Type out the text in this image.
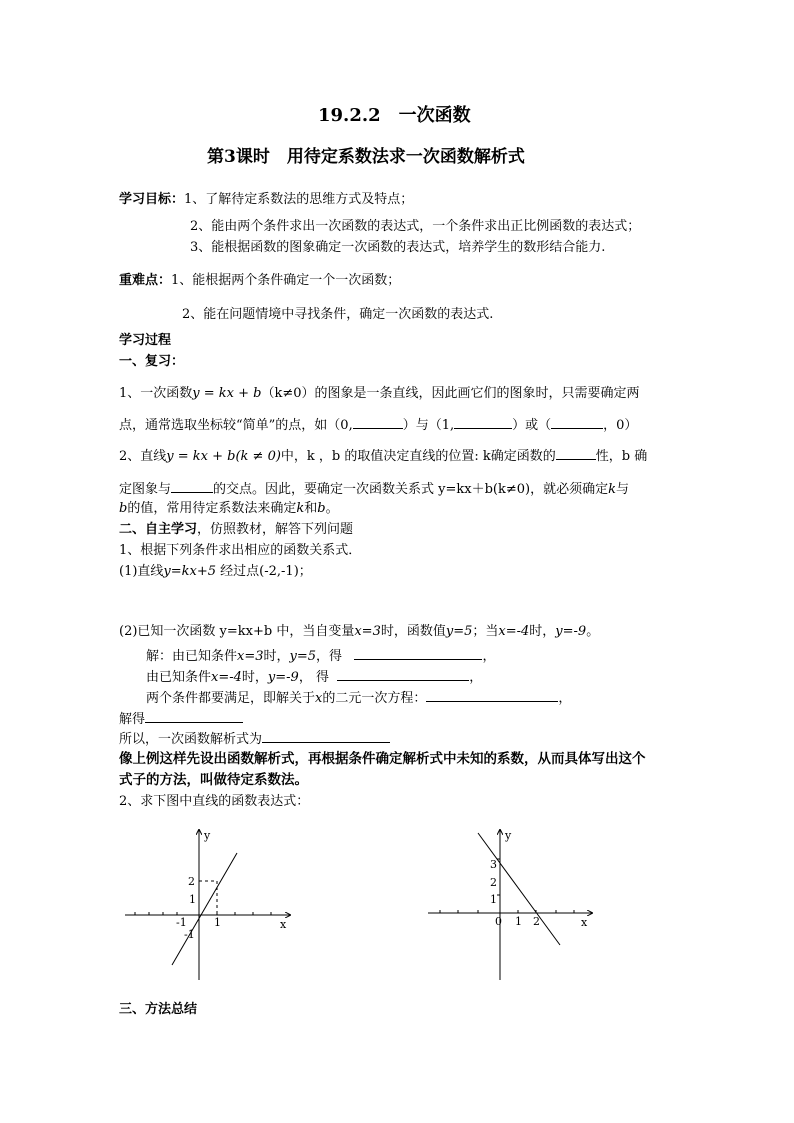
19.2.2　一次函数
第3课时　用待定系数法求一次函数解析式
学习目标：1、了解待定系数法的思维方式及特点；
2、能由两个条件求出一次函数的表达式，一个条件求出正比例函数的表达式；
3、能根据函数的图象确定一次函数的表达式，培养学生的数形结合能力.
重难点：1、能根据两个条件确定一个一次函数；
2、能在问题情境中寻找条件，确定一次函数的表达式.
学习过程
一、复习：
1、一次函数y = kx + b（k≠0）的图象是一条直线，因此画它们的图象时，只需要确定两
点，通常选取坐标较“简单”的点，如（0,	）与（1,	）或（	，0）
2、直线y = kx + b(k ≠ 0)中，k ，b 的取值决定直线的位置: k确定函数的	性，b 确
定图象与	的交点。因此，要确定一次函数关系式 y=kx＋b(k≠0)，就必须确定k与
b的值，常用待定系数法来确定k和b。
二、自主学习，仿照教材，解答下列问题
1、根据下列条件求出相应的函数关系式．
(1)直线y=kx+5 经过点(-2,-1)；
(2)已知一次函数 y=kx+b 中，当自变量x=3时，函数值y=5；当x=-4时，y=-9。
解：由已知条件x=3时，y=5，得	，
由已知条件x=-4时，y=-9， 得	，
两个条件都要满足，即解关于x的二元一次方程：	，
解得
所以，一次函数解析式为
像上例这样先设出函数解析式，再根据条件确定解析式中未知的系数，从而具体写出这个
式子的方法，叫做待定系数法。
2、求下图中直线的函数表达式：
y
x
2
1
-1 1
-1
y
x
3
2
1
0 1 2
三、方法总结
